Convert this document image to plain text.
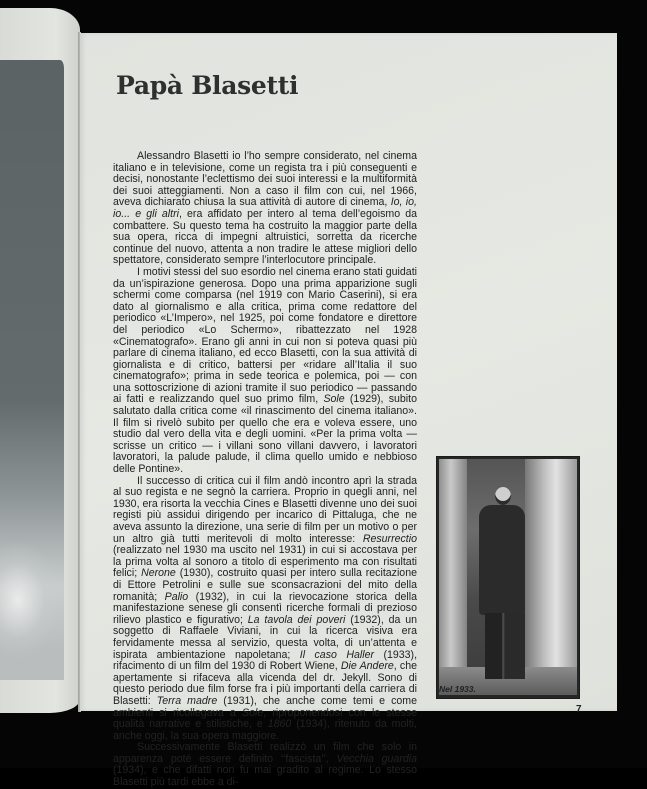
Papà Blasetti

Alessandro Blasetti io l’ho sempre considerato, nel cinema italiano e in televisione, come un regista tra i più conseguenti e decisi, nonostante l’eclettismo dei suoi interessi e la multiformità dei suoi atteggiamenti. Non a caso il film con cui, nel 1966, aveva dichiarato chiusa la sua attività di autore di cinema, Io, io, io... e gli altri, era affidato per intero al tema dell’egoismo da combattere. Su questo tema ha costruito la maggior parte della sua opera, ricca di impegni altruistici, sorretta da ricerche continue del nuovo, attenta a non tradire le attese migliori dello spettatore, considerato sempre l’interlocutore principale.

I motivi stessi del suo esordio nel cinema erano stati guidati da un’ispirazione generosa. Dopo una prima apparizione sugli schermi come comparsa (nel 1919 con Mario Caserini), si era dato al giornalismo e alla critica, prima come redattore del periodico «L’Impero», nel 1925, poi come fondatore e direttore del periodico «Lo Schermo», ribattezzato nel 1928 «Cinematografo». Erano gli anni in cui non si poteva quasi più parlare di cinema italiano, ed ecco Blasetti, con la sua attività di giornalista e di critico, battersi per «ridare all’Italia il suo cinematografo»; prima in sede teorica e polemica, poi — con una sottoscrizione di azioni tramite il suo periodico — passando ai fatti e realizzando quel suo primo film, Sole (1929), subito salutato dalla critica come «il rinascimento del cinema italiano». Il film si rivelò subito per quello che era e voleva essere, uno studio dal vero della vita e degli uomini. «Per la prima volta — scrisse un critico — i villani sono villani davvero, i lavoratori lavoratori, la palude palude, il clima quello umido e nebbioso delle Pontine».

Il successo di critica cui il film andò incontro aprì la strada al suo regista e ne segnò la carriera. Proprio in quegli anni, nel 1930, era risorta la vecchia Cines e Blasetti divenne uno dei suoi registi più assidui dirigendo per incarico di Pittaluga, che ne aveva assunto la direzione, una serie di film per un motivo o per un altro già tutti meritevoli di molto interesse: Resurrectio (realizzato nel 1930 ma uscito nel 1931) in cui si accostava per la prima volta al sonoro a titolo di esperimento ma con risultati felici; Nerone (1930), costruito quasi per intero sulla recitazione di Ettore Petrolini e sulle sue sconsacrazioni del mito della romanità; Palio (1932), in cui la rievocazione storica della manifestazione senese gli consentì ricerche formali di prezioso rilievo plastico e figurativo; La tavola dei poveri (1932), da un soggetto di Raffaele Viviani, in cui la ricerca visiva era fervidamente messa al servizio, questa volta, di un’attenta e ispirata ambientazione napoletana; Il caso Haller (1933), rifacimento di un film del 1930 di Robert Wiene, Die Andere, che apertamente si rifaceva alla vicenda del dr. Jekyll. Sono di questo periodo due film forse fra i più importanti della carriera di Blasetti: Terra madre (1931), che anche come temi e come ambienti si ricollegava a Sole, riproponendosi con le stesse qualità narrative e stilistiche, e 1860 (1934), ritenuto da molti, anche oggi, la sua opera maggiore.

Successivamente Blasetti realizzò un film che solo in apparenza poté essere definito ‘‘fascista’’, Vecchia guardia (1934), e che difatti non fu mai gradito al regime. Lo stesso Blasetti più tardi ebbe a di-

Nel 1933.
7
